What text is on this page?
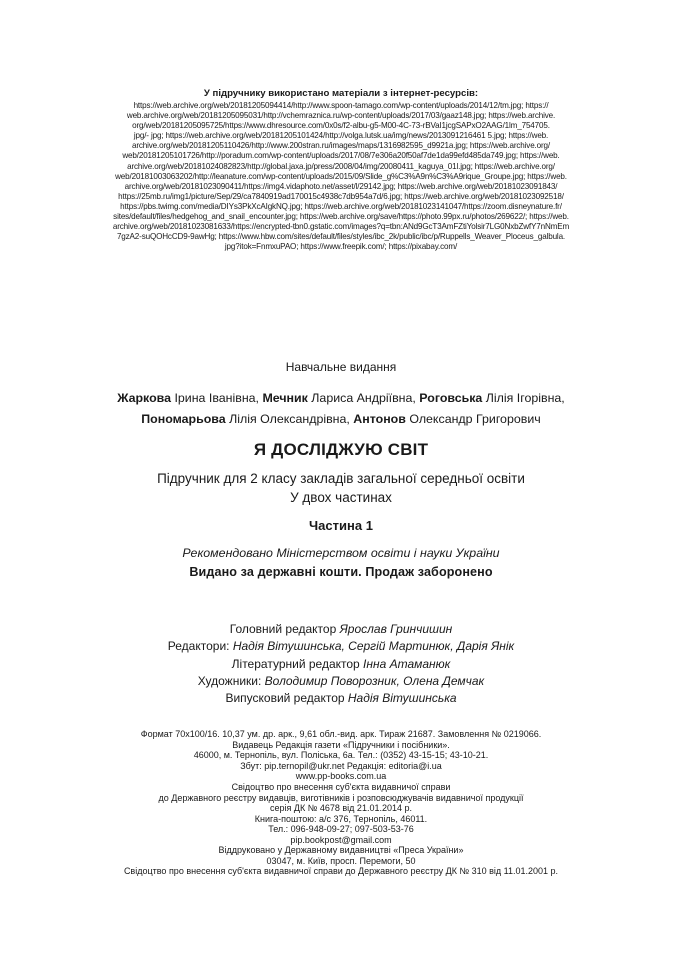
У підручнику використано матеріали з інтернет-ресурсів:
https://web.archive.org/web/20181205094414/http://www.spoon-tamago.com/wp-content/uploads/2014/12/tm.jpg; https://
web.archive.org/web/20181205095031/http://vchemraznica.ru/wp-content/uploads/2017/03/gaaz148.jpg; https://web.archive.
org/web/20181205095725/https://www.dhresource.com/0x0s/f2-albu-g5-M00-4C-73-rBVaI1jcgSAPxO2AAG/1lm_754705.
jpg/- jpg; https://web.archive.org/web/20181205101424/http://volga.lutsk.ua/img/news/2013091216461 5.jpg; https://web.
archive.org/web/20181205110426/http://www.200stran.ru/images/maps/1316982595_d9921a.jpg; https://web.archive.org/
web/20181205101726/http://poradum.com/wp-content/uploads/2017/08/7e306a20f50af7de1da99efd485da749.jpg; https://web.
archive.org/web/20181024082823/http://global.jaxa.jp/press/2008/04/img/20080411_kaguya_01l.jpg; https://web.archive.org/
web/20181003063202/http://leanature.com/wp-content/uploads/2015/09/Slide_g%C3%A9n%C3%A9rique_Groupe.jpg; https://web.
archive.org/web/20181023090411/https://img4.vidaphoto.net/asset/l/29142.jpg; https://web.archive.org/web/20181023091843/
https://25mb.ru/img1/picture/Sep/29/ca7840919ad170015c4938c7db954a7d/6.jpg; https://web.archive.org/web/20181023092518/
https://pbs.twimg.com/media/DIYs3PkXcAIgkNQ.jpg; https://web.archive.org/web/20181023141047/https://zoom.disneynature.fr/
sites/default/files/hedgehog_and_snail_encounter.jpg; https://web.archive.org/save/https://photo.99px.ru/photos/269622/; https://web.
archive.org/web/20181023081633/https://encrypted-tbn0.gstatic.com/images?q=tbn:ANd9GcT3AmFZtiYolsir7LG0NxbZwfY7nNmEm
7gzA2-suQOHcCD9-9awHg; https://www.hbw.com/sites/default/files/styles/ibc_2k/public/ibc/p/Ruppells_Weaver_Ploceus_galbula.
jpg?itok=FnmxuPAO; https://www.freepik.com/; https://pixabay.com/
Навчальне видання
Жаркова Ірина Іванівна, Мечник Лариса Андріївна, Роговська Лілія Ігорівна,
Пономарьова Лілія Олександрівна, Антонов Олександр Григорович
Я ДОСЛІДЖУЮ СВІТ
Підручник для 2 класу закладів загальної середньої освіти
У двох частинах
Частина 1
Рекомендовано Міністерством освіти і науки України
Видано за державні кошти. Продаж заборонено
Головний редактор Ярослав Гринчишин
Редактори: Надія Вітушинська, Сергій Мартинюк, Дарія Янік
Літературний редактор Інна Атаманюк
Художники: Володимир Поворозник, Олена Демчак
Випусковий редактор Надія Вітушинська
Формат 70x100/16. 10,37 ум. др. арк., 9,61 обл.-вид. арк. Тираж 21687. Замовлення № 0219066.
Видавець Редакція газети «Підручники і посібники».
46000, м. Тернопіль, вул. Поліська, 6а. Тел.: (0352) 43-15-15; 43-10-21.
Збут: pip.ternopil@ukr.net Редакція: editoria@i.ua
www.pp-books.com.ua
Свідоцтво про внесення суб'єкта видавничої справи
до Державного реєстру видавців, виготівників і розповсюджувачів видавничої продукції
серія ДК № 4678 від 21.01.2014 р.
Книга-поштою: а/с 376, Тернопіль, 46011.
Тел.: 096-948-09-27; 097-503-53-76
pip.bookpost@gmail.com
Віддруковано у Державному видавництві «Преса України»
03047, м. Київ, просп. Перемоги, 50
Свідоцтво про внесення суб'єкта видавничої справи до Державного реєстру ДК № 310 від 11.01.2001 р.
